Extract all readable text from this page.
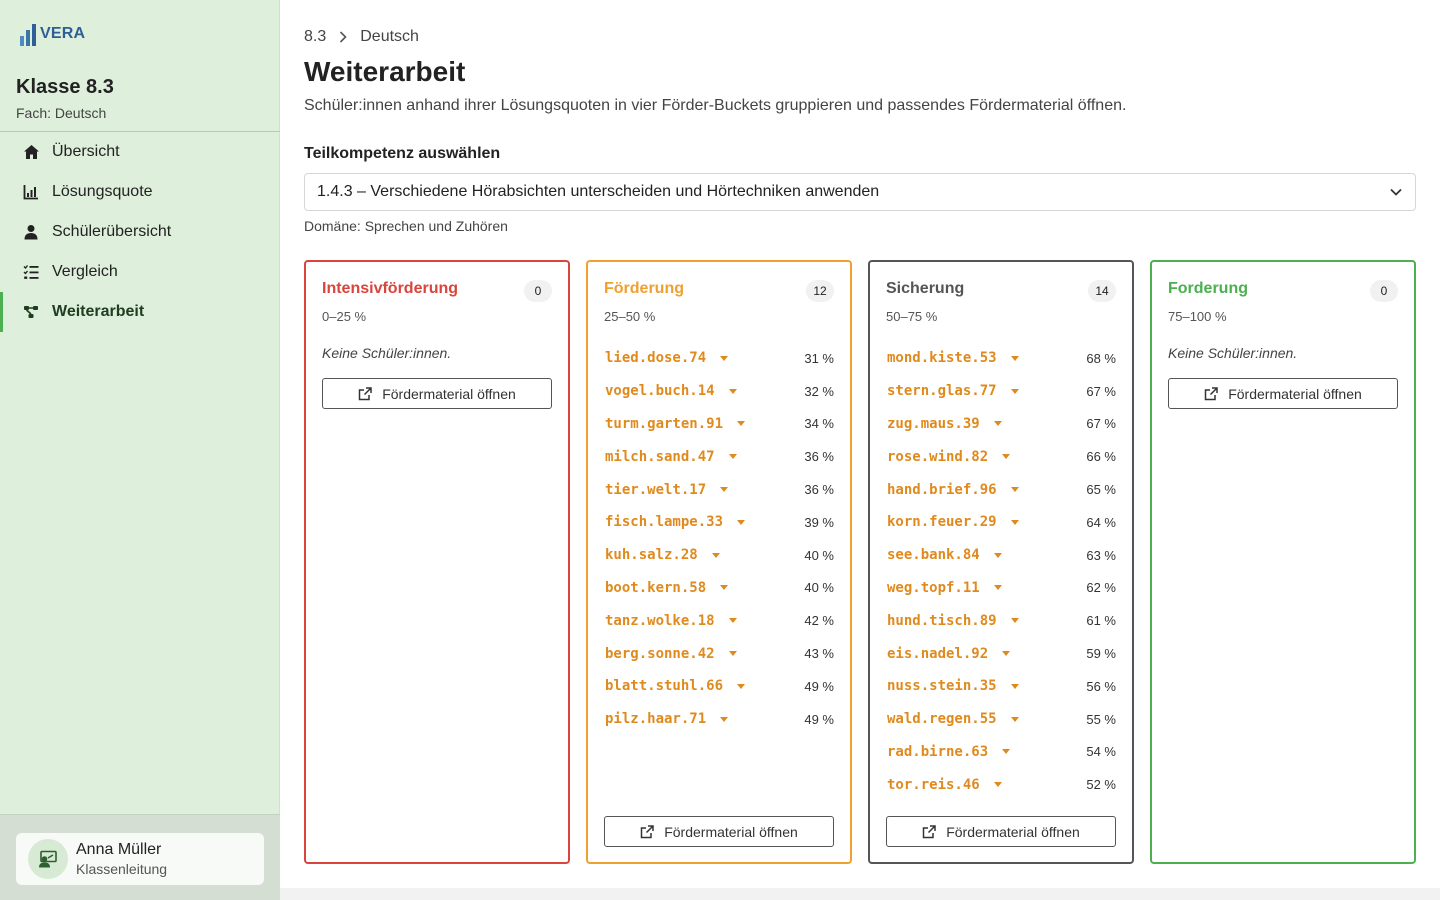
VERA
Klasse 8.3
Fach: Deutsch
Übersicht
Lösungsquote
Schülerübersicht
Vergleich
Weiterarbeit
Anna Müller
Klassenleitung
8.3 Deutsch
Weiterarbeit

Schüler:innen anhand ihrer Lösungsquoten in vier Förder-Buckets gruppieren und passendes Fördermaterial öffnen.

Teilkompetenz auswählen
1.4.3 – Verschiedene Hörabsichten unterscheiden und Hörtechniken anwenden
Domäne: Sprechen und Zuhören
Intensivförderung	0
0–25 %
Keine Schüler:innen.
Fördermaterial öffnen
Förderung	12
25–50 %
lied.dose.74	31 %
vogel.buch.14	32 %
turm.garten.91	34 %
milch.sand.47	36 %
tier.welt.17	36 %
fisch.lampe.33	39 %
kuh.salz.28	40 %
boot.kern.58	40 %
tanz.wolke.18	42 %
berg.sonne.42	43 %
blatt.stuhl.66	49 %
pilz.haar.71	49 %
Fördermaterial öffnen
Sicherung	14
50–75 %
mond.kiste.53	68 %
stern.glas.77	67 %
zug.maus.39	67 %
rose.wind.82	66 %
hand.brief.96	65 %
korn.feuer.29	64 %
see.bank.84	63 %
weg.topf.11	62 %
hund.tisch.89	61 %
eis.nadel.92	59 %
nuss.stein.35	56 %
wald.regen.55	55 %
rad.birne.63	54 %
tor.reis.46	52 %
Fördermaterial öffnen
Forderung	0
75–100 %
Keine Schüler:innen.
Fördermaterial öffnen
